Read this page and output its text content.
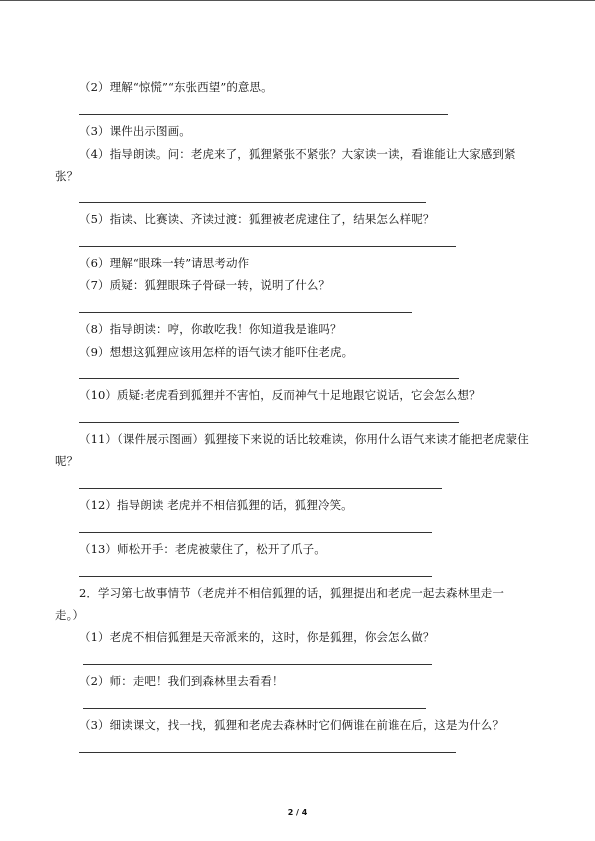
（2）理解“惊慌”“东张西望”的意思。
（3）课件出示图画。
（4）指导朗读。问：老虎来了，狐狸紧张不紧张？大家读一读，看谁能让大家感到紧
张？
（5）指读、比赛读、齐读过渡：狐狸被老虎逮住了，结果怎么样呢？
（6）理解“眼珠一转”请思考动作
（7）质疑：狐狸眼珠子骨碌一转，说明了什么？
（8）指导朗读：哼，你敢吃我！你知道我是谁吗？
（9）想想这狐狸应该用怎样的语气读才能吓住老虎。
（10）质疑:老虎看到狐狸并不害怕，反而神气十足地跟它说话，它会怎么想？
（11）（课件展示图画）狐狸接下来说的话比较难读，你用什么语气来读才能把老虎蒙住
呢？
（12）指导朗读 老虎并不相信狐狸的话，狐狸冷笑。
（13）师松开手：老虎被蒙住了，松开了爪子。
2．学习第七故事情节（老虎并不相信狐狸的话，狐狸提出和老虎一起去森林里走一
走。）
（1）老虎不相信狐狸是天帝派来的，这时，你是狐狸，你会怎么做？
（2）师：走吧！我们到森林里去看看！
（3）细读课文，找一找，狐狸和老虎去森林时它们俩谁在前谁在后，这是为什么？
2 / 4
